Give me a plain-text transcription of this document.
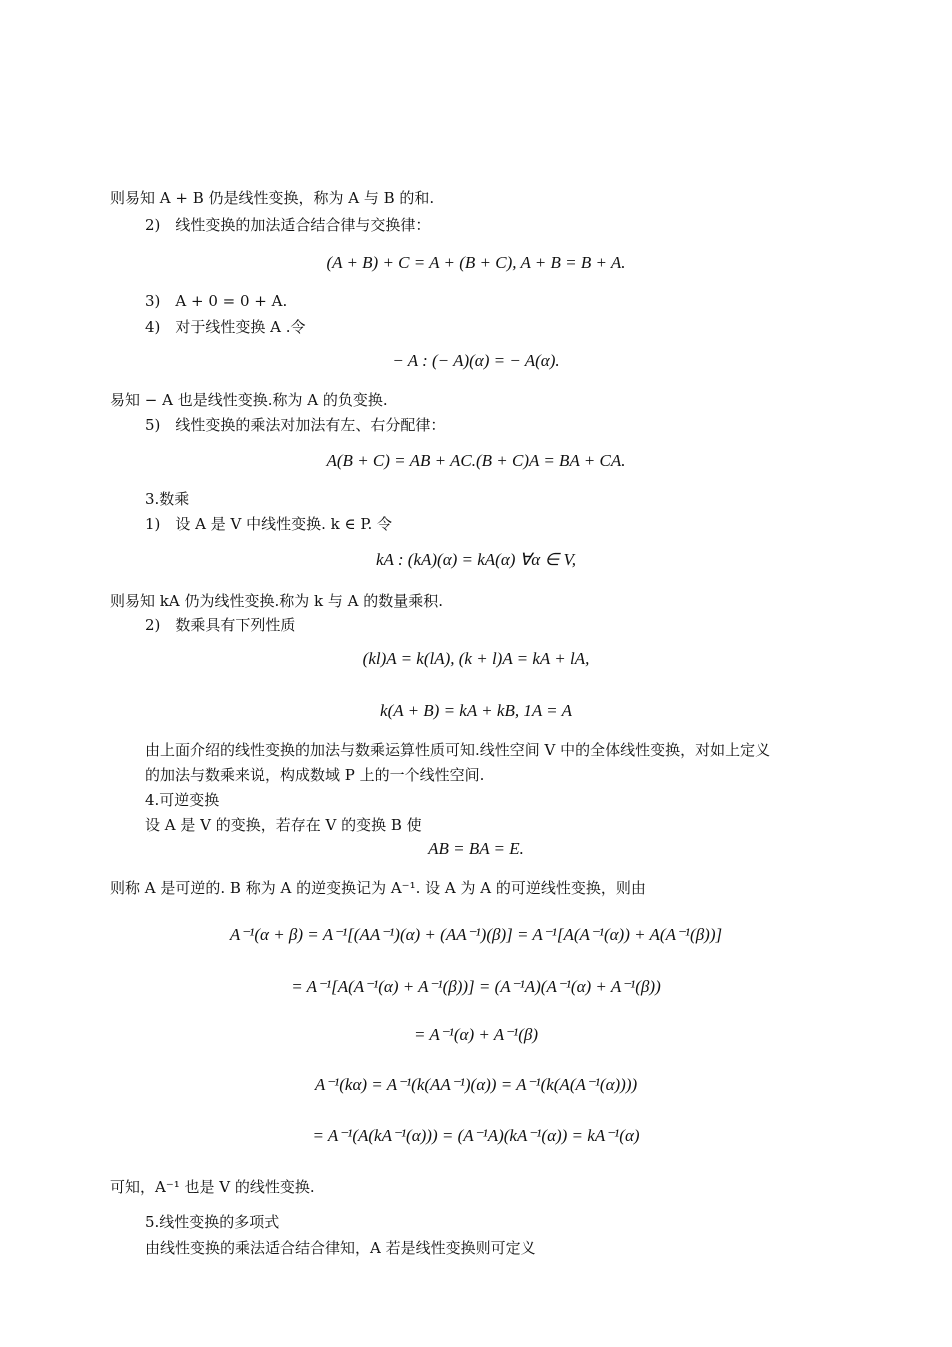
则易知 A + B 仍是线性变换，称为 A 与 B 的和.
2)　线性变换的加法适合结合律与交换律：
(A + B) + C = A + (B + C), A + B = B + A.
3)　A + 0 = 0 + A.
4)　对于线性变换 A .令
− A : (− A)(α) = − A(α).
易知 − A 也是线性变换.称为 A 的负变换.
5)　线性变换的乘法对加法有左、右分配律：
A(B + C) = AB + AC.(B + C)A = BA + CA.
3.数乘
1)　设 A 是 V 中线性变换. k ∈ P. 令
kA : (kA)(α) = kA(α) ∀α ∈ V,
则易知 kA 仍为线性变换.称为 k 与 A 的数量乘积.
2)　数乘具有下列性质
(kl)A = k(lA), (k + l)A = kA + lA,
k(A + B) = kA + kB, 1A = A
由上面介绍的线性变换的加法与数乘运算性质可知.线性空间 V 中的全体线性变换，对如上定义
的加法与数乘来说，构成数域 P 上的一个线性空间.
4.可逆变换
设 A 是 V 的变换，若存在 V 的变换 B 使
AB = BA = E.
则称 A 是可逆的. B 称为 A 的逆变换记为 A⁻¹. 设 A 为 A 的可逆线性变换，则由
A⁻¹(α + β) = A⁻¹[(AA⁻¹)(α) + (AA⁻¹)(β)] = A⁻¹[A(A⁻¹(α)) + A(A⁻¹(β))]
= A⁻¹[A(A⁻¹(α) + A⁻¹(β))] = (A⁻¹A)(A⁻¹(α) + A⁻¹(β))
= A⁻¹(α) + A⁻¹(β)
A⁻¹(kα) = A⁻¹(k(AA⁻¹)(α)) = A⁻¹(k(A(A⁻¹(α))))
= A⁻¹(A(kA⁻¹(α))) = (A⁻¹A)(kA⁻¹(α)) = kA⁻¹(α)
可知，A⁻¹ 也是 V 的线性变换.
5.线性变换的多项式
由线性变换的乘法适合结合律知，A 若是线性变换则可定义
